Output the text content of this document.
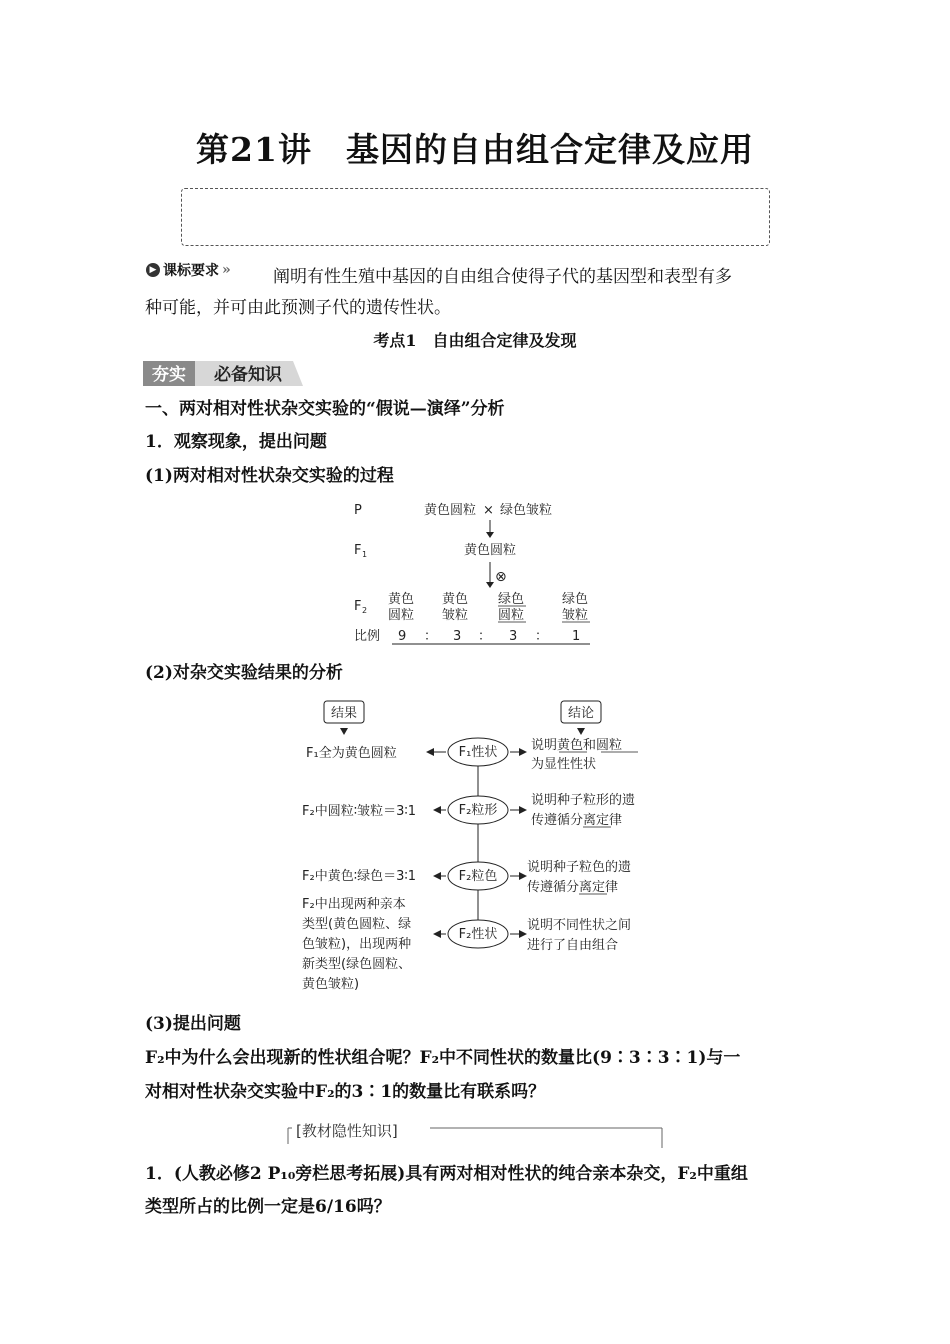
第21讲　基因的自由组合定律及应用
▶ 课标要求 » 阐明有性生殖中基因的自由组合使得子代的基因型和表型有多
种可能，并可由此预测子代的遗传性状。
考点1　自由组合定律及发现
夯实 必备知识
一、两对相对性状杂交实验的“假说—演绎”分析
1．观察现象，提出问题
(1)两对相对性状杂交实验的过程
P	黄色圆粒 × 绿色皱粒
F 1	黄色圆粒
⊗
F 2
黄色
圆粒
黄色
皱粒
绿色
圆粒
绿色
皱粒
比例 9 ： 3 ： 3 ： 1
(2)对杂交实验结果的分析
结果	结论
F₁性状
F₁全为黄色圆粒
说明黄色和圆粒
为显性性状
F₂粒形
F₂中圆粒∶皱粒＝3∶1
说明种子粒形的遗
传遵循分离定律
F₂粒色
F₂中黄色∶绿色＝3∶1
说明种子粒色的遗
传遵循分离定律
F₂性状
F₂中出现两种亲本
类型(黄色圆粒、绿
色皱粒)，出现两种
新类型(绿色圆粒、
黄色皱粒)
说明不同性状之间
进行了自由组合
(3)提出问题
F₂中为什么会出现新的性状组合呢？F₂中不同性状的数量比(9∶3∶3∶1)与一
对相对性状杂交实验中F₂的3∶1的数量比有联系吗？
[教材隐性知识]
1．(人教必修2 P₁₀旁栏思考拓展)具有两对相对性状的纯合亲本杂交，F₂中重组
类型所占的比例一定是6/16吗？
